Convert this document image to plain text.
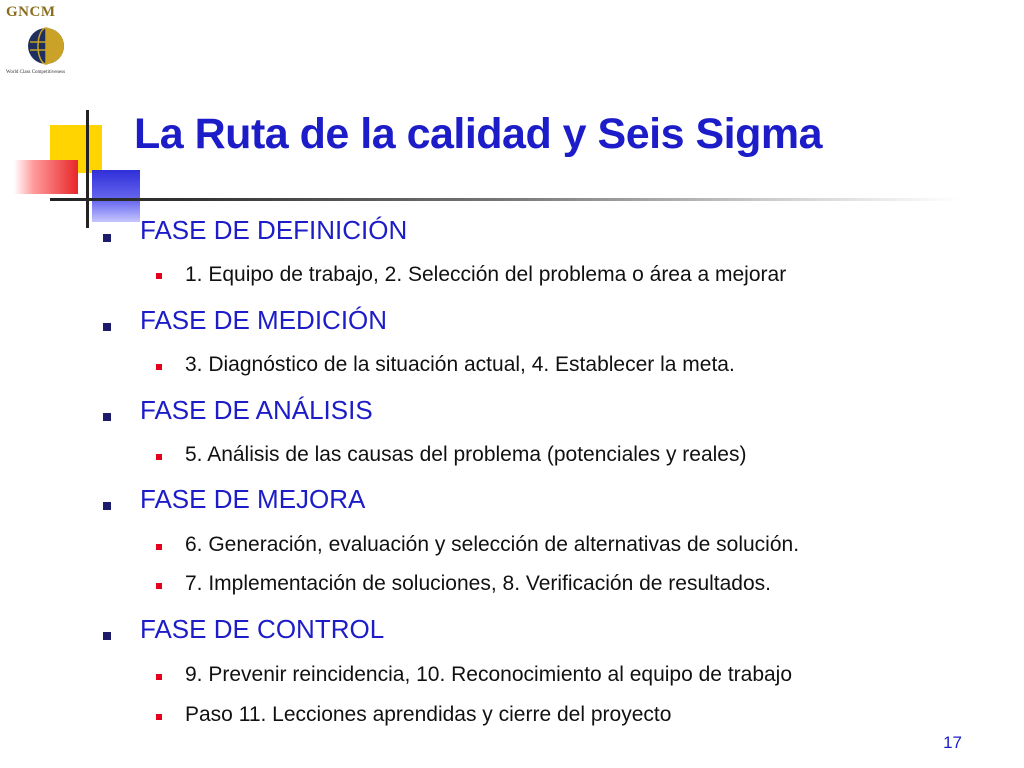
GNCM
World Class Competitiveness
La Ruta de la calidad y Seis Sigma
FASE DE DEFINICIÓN
1. Equipo de trabajo, 2. Selección del problema o área a mejorar
FASE DE MEDICIÓN
3. Diagnóstico de la situación actual, 4. Establecer la meta.
FASE DE ANÁLISIS
5. Análisis de las causas del problema (potenciales y reales)
FASE DE MEJORA
6. Generación, evaluación y selección de alternativas de solución.
7. Implementación de soluciones, 8. Verificación de resultados.
FASE DE CONTROL
9. Prevenir reincidencia, 10. Reconocimiento al equipo de trabajo
Paso 11. Lecciones aprendidas y cierre del proyecto
17
